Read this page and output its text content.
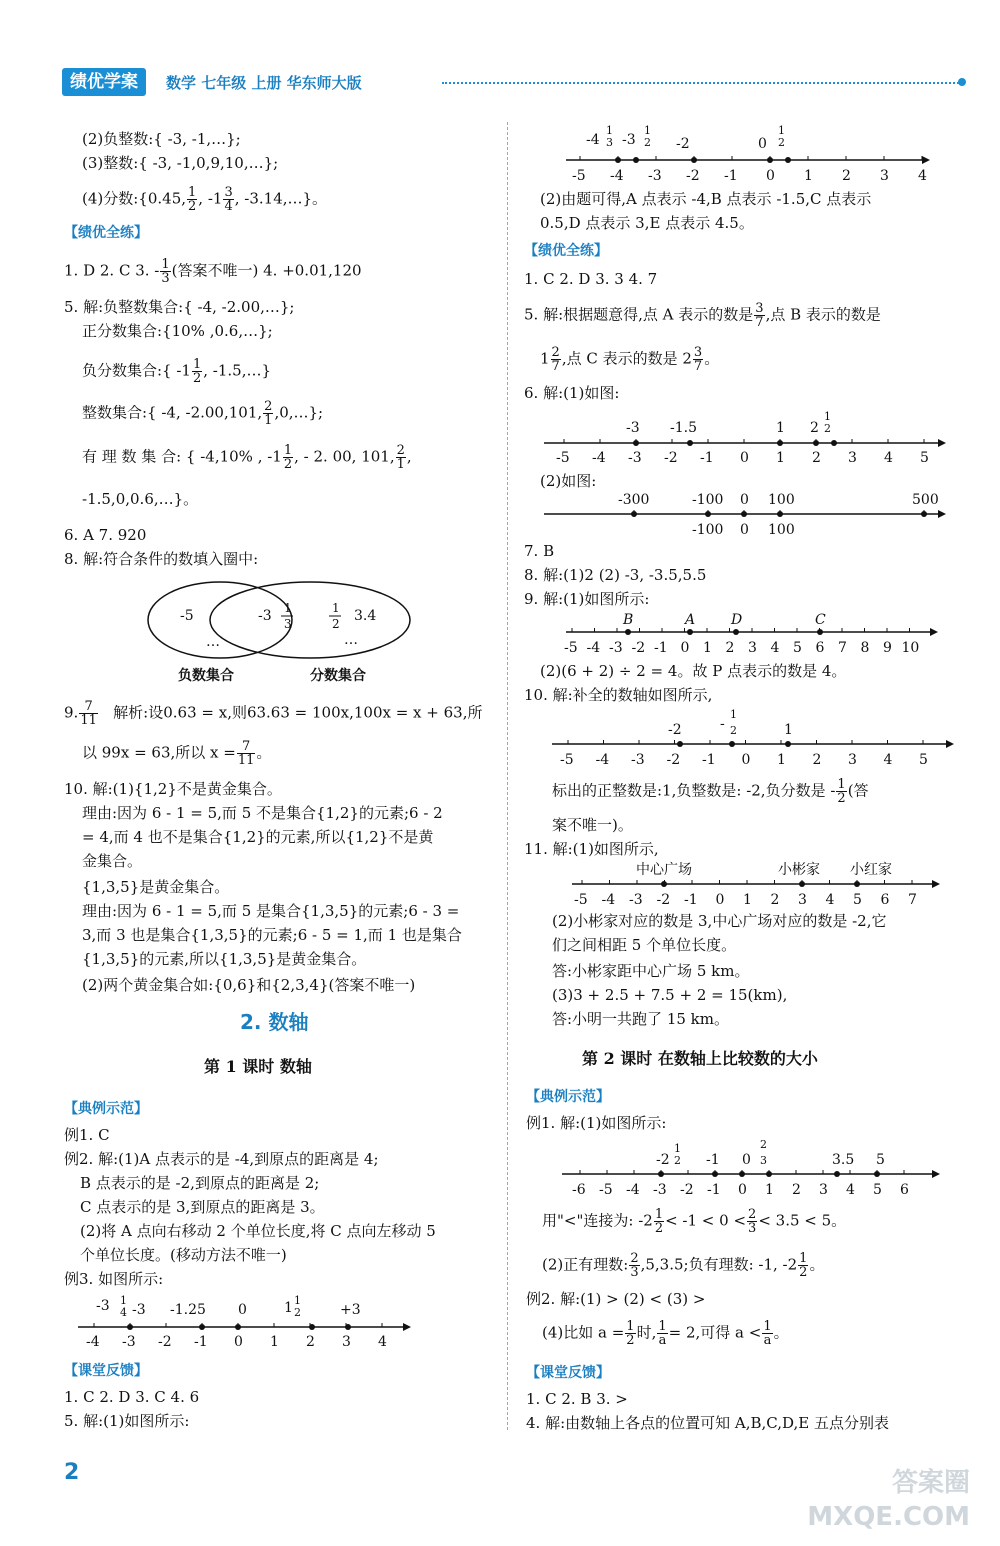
绩优学案	数学 七年级 上册 华东师大版
(2)负整数:{ -3, -1,…};
(3)整数:{ -3, -1,0,9,10,…};
(4)分数:{0.45, $\frac{1}{2}$ , $-1 \frac{3}{4}$ , -3.14,…}。
【绩优全练】
1. D 2. C 3. - $\frac{1}{3}$ (答案不唯一) 4. +0.01,120
5. 解:负整数集合:{ -4, -2.00,…};
正分数集合:{10% ,0.6,…};
负分数集合:{ $-1 \frac{1}{2}$ , -1.5,…}
整数集合:{ -4, -2.00,101, $\frac{2}{1}$ ,0,…};
有 理 数 集 合: { -4,10% , $-1 \frac{1}{2}$ , - 2. 00, 101, $\frac{2}{1}$ ,
-1.5,0,0.6,…}。
6. A 7. 920
8. 解:符合条件的数填入圈中:
-5
…
-3 1
3
1
2 3.4
…
负数集合	分数集合
9. $\frac{7}{11}$ 解析:设0.63 = x,则63.63 = 100x,100x = x + 63,所
以 99x = 63,所以 $x = \frac{7}{11}$ 。
10. 解:(1){1,2}不是黄金集合。
理由:因为 6 - 1 = 5,而 5 不是集合{1,2}的元素;6 - 2
= 4,而 4 也不是集合{1,2}的元素,所以{1,2}不是黄
金集合。
{1,3,5}是黄金集合。
理由:因为 6 - 1 = 5,而 5 是集合{1,3,5}的元素;6 - 3 =
3,而 3 也是集合{1,3,5}的元素;6 - 5 = 1,而 1 也是集合
{1,3,5}的元素,所以{1,3,5}是黄金集合。
(2)两个黄金集合如:{0,6}和{2,3,4}(答案不唯一)
2. 数轴
第 1 课时 数轴
【典例示范】
例1. C
例2. 解:(1)A 点表示的是 -4,到原点的距离是 4;
B 点表示的是 -2,到原点的距离是 2;
C 点表示的是 3,到原点的距离是 3。
(2)将 A 点向右移动 2 个单位长度,将 C 点向左移动 5
个单位长度。(移动方法不唯一)
例3. 如图所示:
-4 -3 -2 -1 0 1 2 3 4
-3 1
4 -3 -1.25 0	1 1
2	+3
【课堂反馈】
1. C 2. D 3. C 4. 6
5. 解:(1)如图所示:
-5 -4 -3 -2 -1 0 1 2 3 4
-4
1
3 -3
1
2 -2	0
1
2
(2)由题可得,A 点表示 -4,B 点表示 -1.5,C 点表示
0.5,D 点表示 3,E 点表示 4.5。
【绩优全练】
1. C 2. D 3. 3 4. 7
5. 解:根据题意得,点 A 表示的数是 $\frac{3}{7}$ ,点 B 表示的数是
$1 \frac{2}{7}$ ,点 C 表示的数是 $2 \frac{3}{7}$ 。
6. 解:(1)如图:
-5 -4 -3 -2 -1 0 1 2 3 4 5
-3 -1.5	1 2
1
2
(2)如图:
-300	-100 0 100	500
-100 0 100
7. B
8. 解:(1)2 (2) -3, -3.5,5.5
9. 解:(1)如图所示:
-5 -4 -3 -2 -1 0 1 2 3 4 5 6 7 8 9 10
B	A	D	C
(2)(6 + 2) ÷ 2 = 4。故 P 点表示的数是 4。
10. 解:补全的数轴如图所示,
-5 -4 -3 -2 -1 0 1 2 3 4 5
-2	-
1
2	1
标出的正整数是:1,负整数是: -2,负分数是 - $\frac{1}{2}$ (答
案不唯一)。
11. 解:(1)如图所示,
-5 -4 -3 -2 -1 0 1 2 3 4 5 6 7
中心广场	小彬家 小红家
(2)小彬家对应的数是 3,中心广场对应的数是 -2,它
们之间相距 5 个单位长度。
答:小彬家距中心广场 5 km。
(3)3 + 2.5 + 7.5 + 2 = 15(km),
答:小明一共跑了 15 km。
第 2 课时 在数轴上比较数的大小
【典例示范】
例1. 解:(1)如图所示:
-6 -5 -4 -3 -2 -1 0 1 2 3 4 5 6
-2
1
2 -1 0
2
3	3.5 5
用"<"连接为: $-2 \frac{1}{2} < -1 < 0 < \frac{2}{3} < 3.5 < 5$。
(2)正有理数: $\frac{2}{3} ,5,3.5$;负有理数: -1, $-2 \frac{1}{2}$ 。
例2. 解:(1) > (2) < (3) >
(4)比如 $a = \frac{1}{2}$ 时, $\frac{1}{a} = 2$,可得 $a < \frac{1}{a}$ 。
【课堂反馈】
1. C 2. B 3. >
4. 解:由数轴上各点的位置可知 A,B,C,D,E 五点分别表
2	答案圈 MXQE.COM
